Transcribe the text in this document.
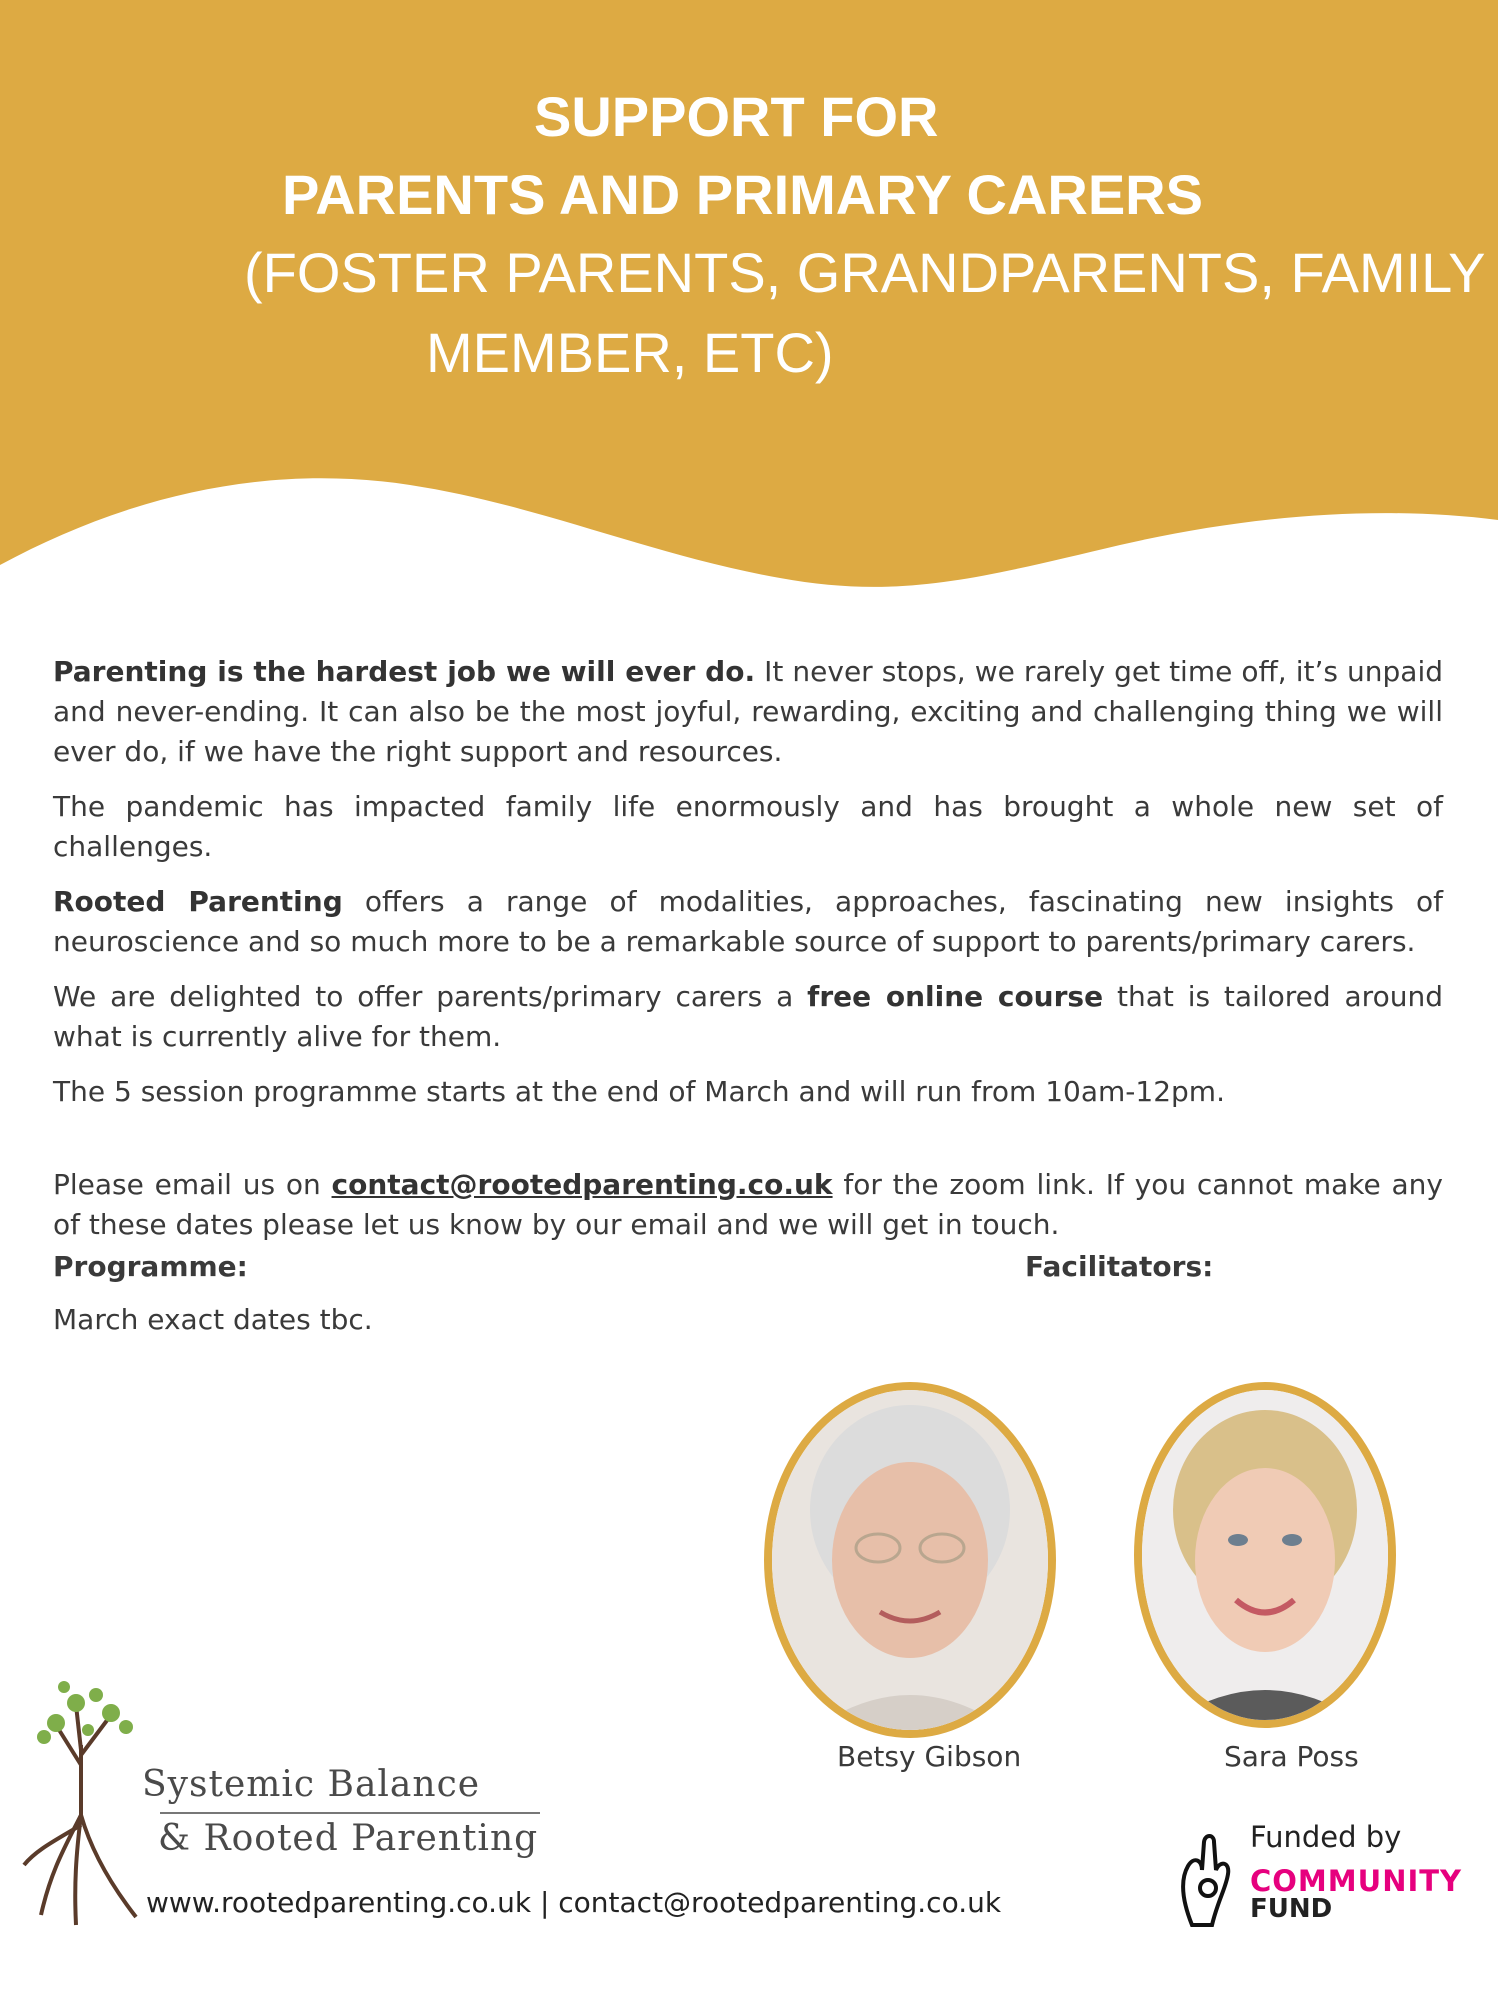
SUPPORT FOR
PARENTS AND PRIMARY CARERS
(FOSTER PARENTS, GRANDPARENTS, FAMILY
MEMBER, ETC)

Parenting is the hardest job we will ever do. It never stops, we rarely get time off, it’s unpaid and never-ending. It can also be the most joyful, rewarding, exciting and challenging thing we will ever do, if we have the right support and resources.

The pandemic has impacted family life enormously and has brought a whole new set of challenges.

Rooted Parenting offers a range of modalities, approaches, fascinating new insights of neuroscience and so much more to be a remarkable source of support to parents/primary carers.

We are delighted to offer parents/primary carers a free online course that is tailored around what is currently alive for them.

The 5 session programme starts at the end of March and will run from 10am-12pm.

Please email us on contact@rootedparenting.co.uk for the zoom link. If you cannot make any of these dates please let us know by our email and we will get in touch.

Programme:	Facilitators:
March exact dates tbc.
Betsy Gibson	Sara Poss
Systemic Balance
& Rooted Parenting
www.rootedparenting.co.uk | contact@rootedparenting.co.uk
Funded by
COMMUNITY
FUND
